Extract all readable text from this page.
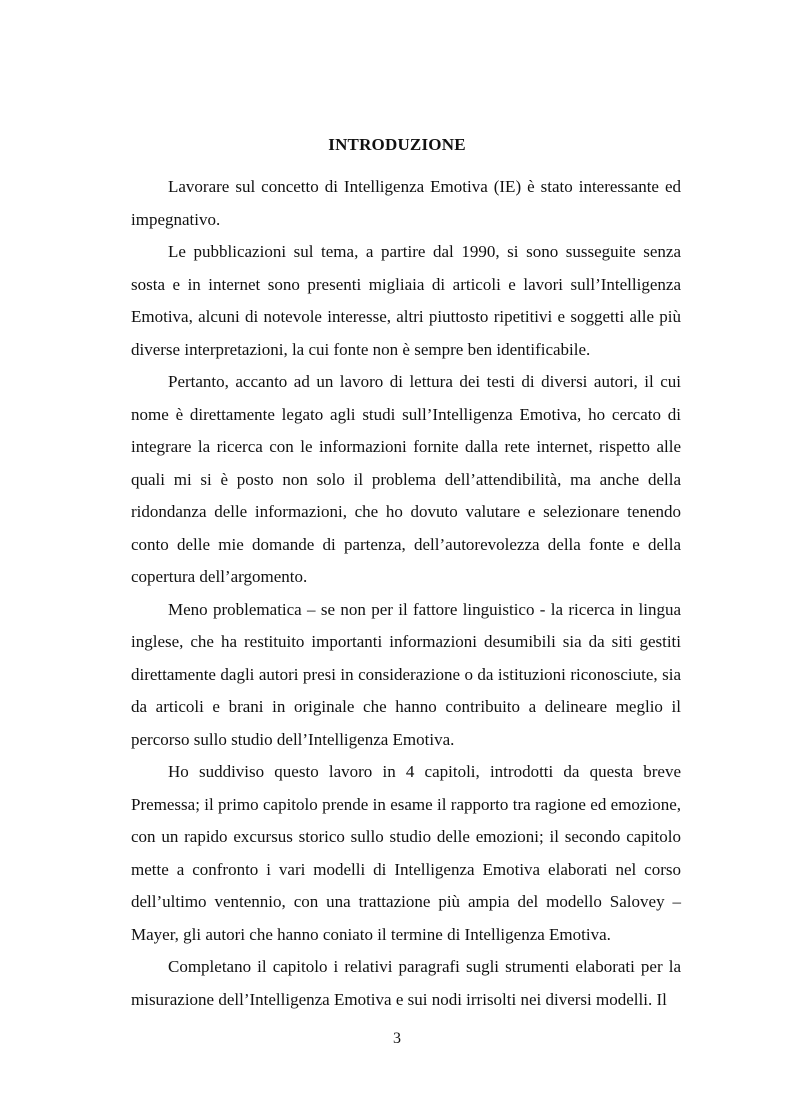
INTRODUZIONE

Lavorare sul concetto di Intelligenza Emotiva (IE) è stato interessante ed impegnativo.

Le pubblicazioni sul tema, a partire dal 1990, si sono susseguite senza sosta e in internet sono presenti migliaia di articoli e lavori sull’Intelligenza Emotiva, alcuni di notevole interesse, altri piuttosto ripetitivi e soggetti alle più diverse interpretazioni, la cui fonte non è sempre ben identificabile.

Pertanto, accanto ad un lavoro di lettura dei testi di diversi autori, il cui nome è direttamente legato agli studi sull’Intelligenza Emotiva, ho cercato di integrare la ricerca con le informazioni fornite dalla rete internet, rispetto alle quali mi si è posto non solo il problema dell’attendibilità, ma anche della ridondanza delle informazioni, che ho dovuto valutare e selezionare tenendo conto delle mie domande di partenza, dell’autorevolezza della fonte e della copertura dell’argomento.

Meno problematica – se non per il fattore linguistico - la ricerca in lingua inglese, che ha restituito importanti informazioni desumibili sia da siti gestiti direttamente dagli autori presi in considerazione o da istituzioni riconosciute, sia da articoli e brani in originale che hanno contribuito a delineare meglio il percorso sullo studio dell’Intelligenza Emotiva.

Ho suddiviso questo lavoro in 4 capitoli, introdotti da questa breve Premessa; il primo capitolo prende in esame il rapporto tra ragione ed emozione, con un rapido excursus storico sullo studio delle emozioni; il secondo capitolo mette a confronto i vari modelli di Intelligenza Emotiva elaborati nel corso dell’ultimo ventennio, con una trattazione più ampia del modello Salovey – Mayer, gli autori che hanno coniato il termine di Intelligenza Emotiva.

Completano il capitolo i relativi paragrafi sugli strumenti elaborati per la misurazione dell’Intelligenza Emotiva e sui nodi irrisolti nei diversi modelli. Il

3
